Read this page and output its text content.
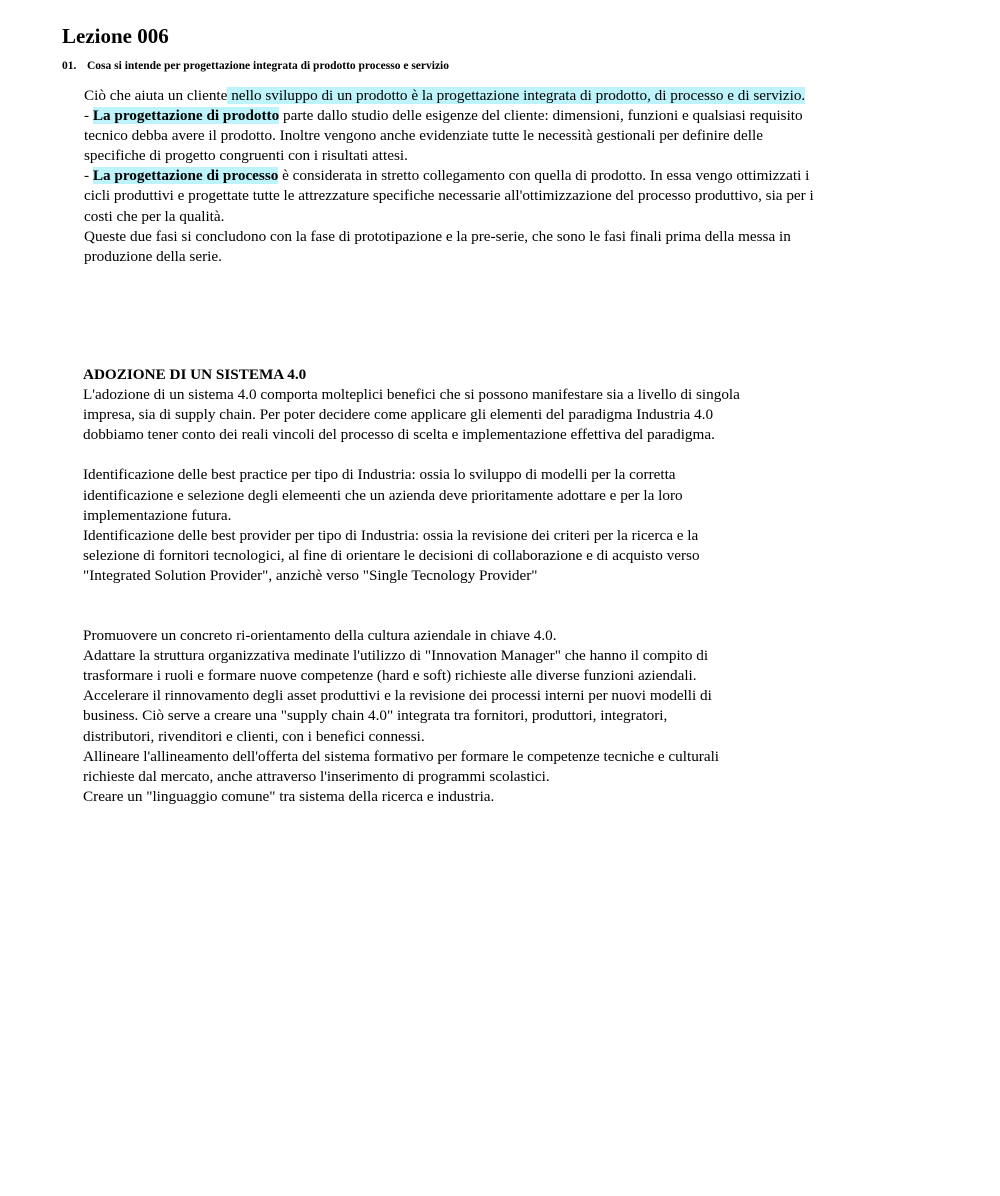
Lezione 006

01. Cosa si intende per progettazione integrata di prodotto processo e servizio

Ciò che aiuta un cliente nello sviluppo di un prodotto è la progettazione integrata di prodotto, di processo e di servizio.

- La progettazione di prodotto parte dallo studio delle esigenze del cliente: dimensioni, funzioni e qualsiasi requisito

tecnico debba avere il prodotto. Inoltre vengono anche evidenziate tutte le necessità gestionali per definire delle

specifiche di progetto congruenti con i risultati attesi.

- La progettazione di processo è considerata in stretto collegamento con quella di prodotto. In essa vengo ottimizzati i

cicli produttivi e progettate tutte le attrezzature specifiche necessarie all'ottimizzazione del processo produttivo, sia per i

costi che per la qualità.

Queste due fasi si concludono con la fase di prototipazione e la pre-serie, che sono le fasi finali prima della messa in

produzione della serie.

ADOZIONE DI UN SISTEMA 4.0

L'adozione di un sistema 4.0 comporta molteplici benefici che si possono manifestare sia a livello di singola

impresa, sia di supply chain. Per poter decidere come applicare gli elementi del paradigma Industria 4.0

dobbiamo tener conto dei reali vincoli del processo di scelta e implementazione effettiva del paradigma.

Identificazione delle best practice per tipo di Industria: ossia lo sviluppo di modelli per la corretta

identificazione e selezione degli elemeenti che un azienda deve prioritamente adottare e per la loro

implementazione futura.

Identificazione delle best provider per tipo di Industria: ossia la revisione dei criteri per la ricerca e la

selezione di fornitori tecnologici, al fine di orientare le decisioni di collaborazione e di acquisto verso

"Integrated Solution Provider", anzichè verso "Single Tecnology Provider"

Promuovere un concreto ri-orientamento della cultura aziendale in chiave 4.0.

Adattare la struttura organizzativa medinate l'utilizzo di "Innovation Manager" che hanno il compito di

trasformare i ruoli e formare nuove competenze (hard e soft) richieste alle diverse funzioni aziendali.

Accelerare il rinnovamento degli asset produttivi e la revisione dei processi interni per nuovi modelli di

business. Ciò serve a creare una "supply chain 4.0" integrata tra fornitori, produttori, integratori,

distributori, rivenditori e clienti, con i benefici connessi.

Allineare l'allineamento dell'offerta del sistema formativo per formare le competenze tecniche e culturali

richieste dal mercato, anche attraverso l'inserimento di programmi scolastici.

Creare un "linguaggio comune" tra sistema della ricerca e industria.
